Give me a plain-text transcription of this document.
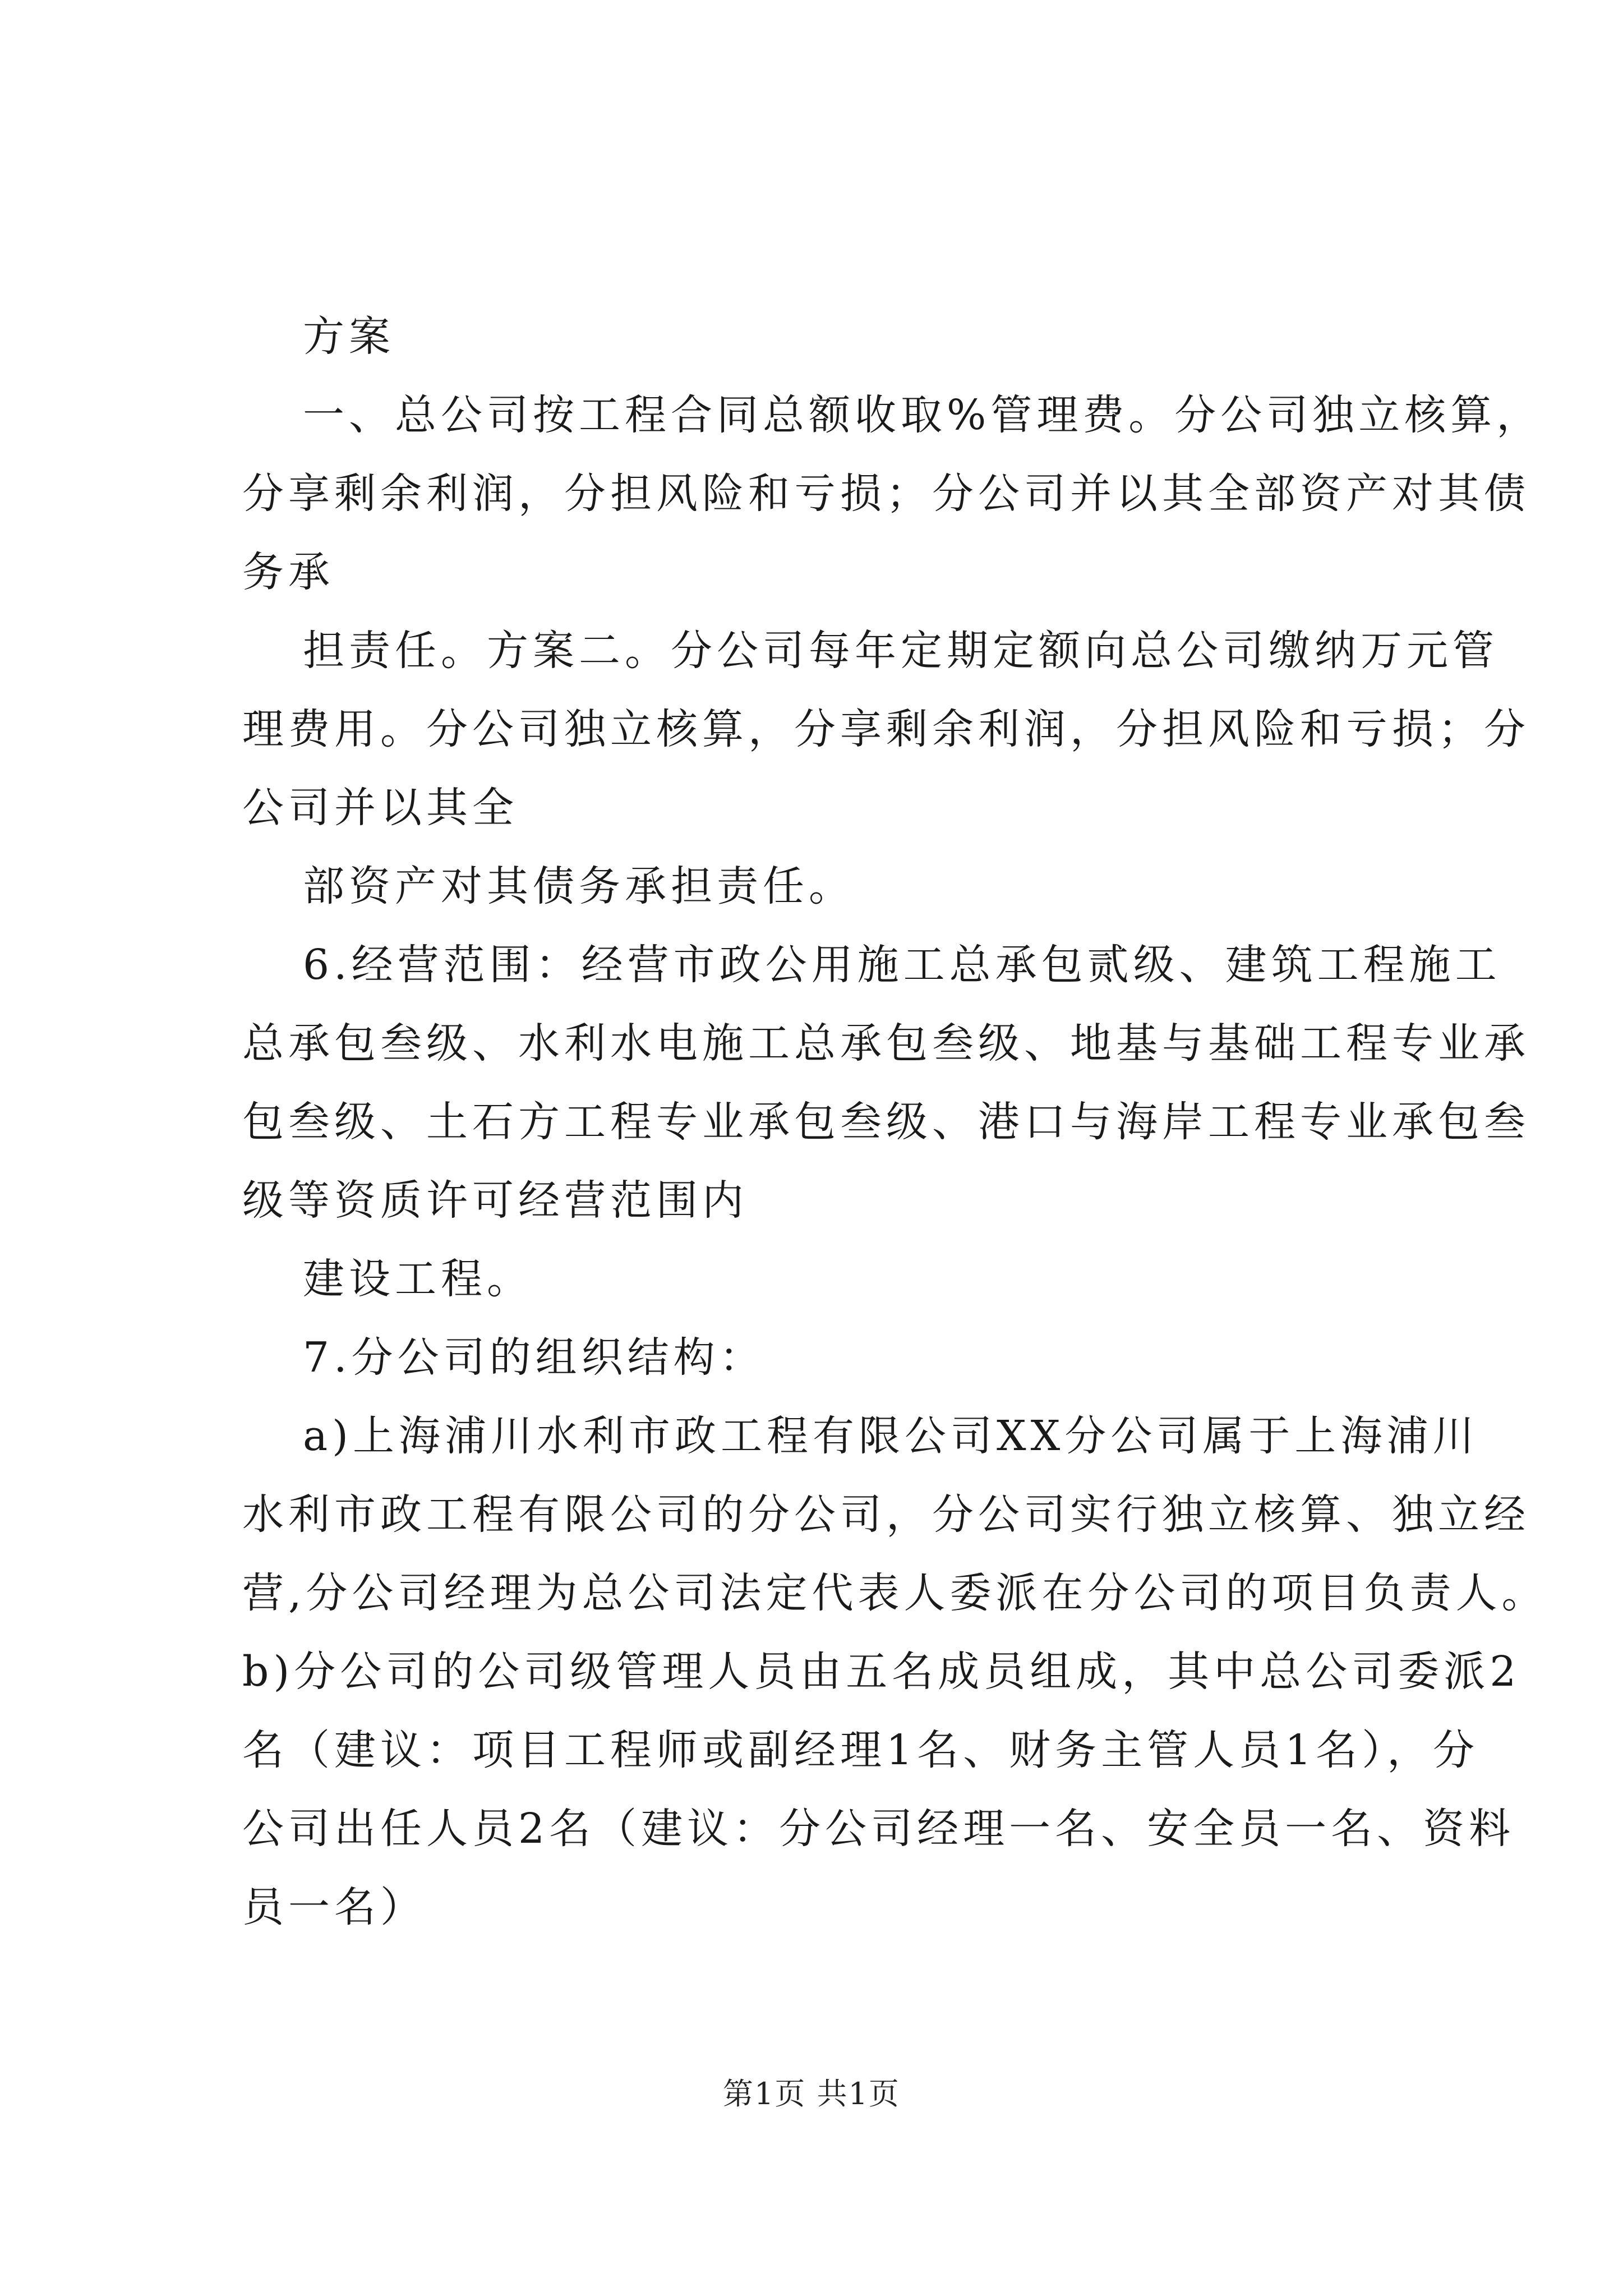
方案

一、总公司按工程合同总额收取%管理费。分公司独立核算，

分享剩余利润，分担风险和亏损；分公司并以其全部资产对其债

务承

担责任。方案二。分公司每年定期定额向总公司缴纳万元管

理费用。分公司独立核算，分享剩余利润，分担风险和亏损；分

公司并以其全

部资产对其债务承担责任。

6.经营范围：经营市政公用施工总承包贰级、建筑工程施工

总承包叁级、水利水电施工总承包叁级、地基与基础工程专业承

包叁级、土石方工程专业承包叁级、港口与海岸工程专业承包叁

级等资质许可经营范围内

建设工程。

7.分公司的组织结构：

a)上海浦川水利市政工程有限公司XX分公司属于上海浦川

水利市政工程有限公司的分公司，分公司实行独立核算、独立经

营,分公司经理为总公司法定代表人委派在分公司的项目负责人。

b)分公司的公司级管理人员由五名成员组成，其中总公司委派2

名（建议：项目工程师或副经理1名、财务主管人员1名），分

公司出任人员2名（建议：分公司经理一名、安全员一名、资料

员一名）

第1页 共1页
